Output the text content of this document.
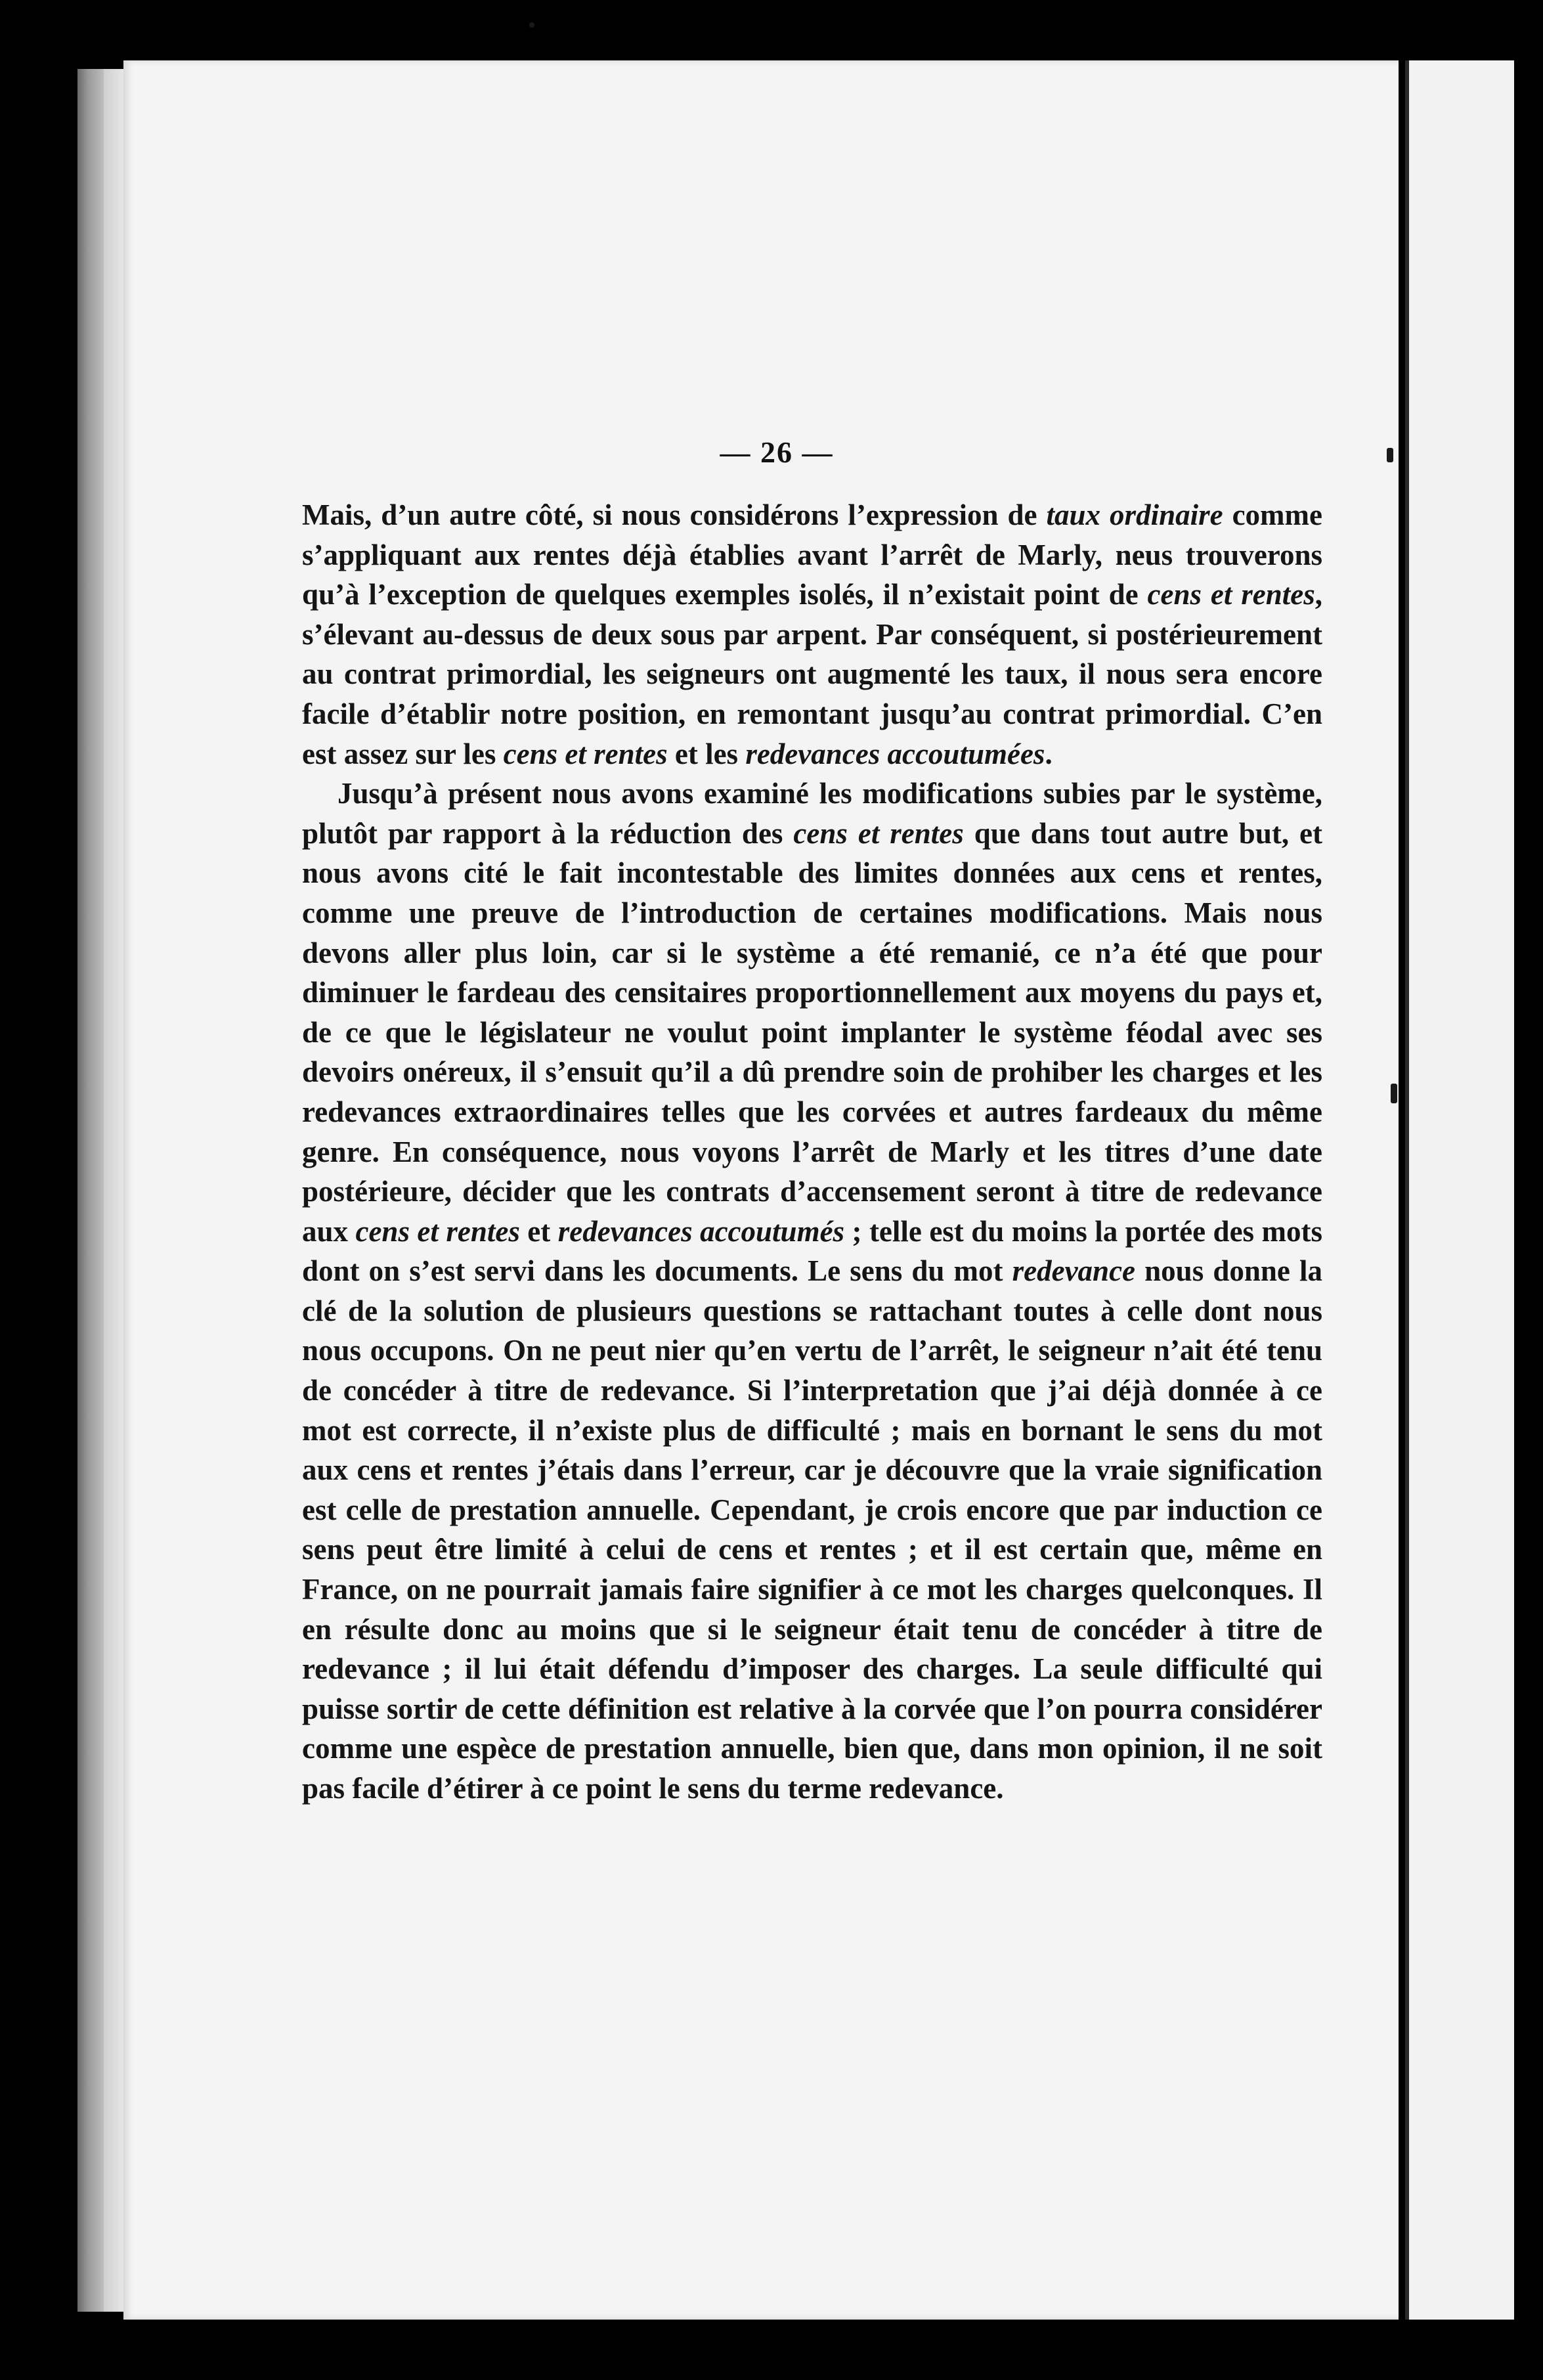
— 26 —

Mais, d’un autre côté, si nous considérons l’expression de taux ordinaire comme s’appliquant aux rentes déjà établies avant l’arrêt de Marly, neus trouverons qu’à l’exception de quelques exemples isolés, il n’existait point de cens et rentes, s’élevant au-dessus de deux sous par arpent. Par conséquent, si postérieurement au contrat primordial, les seigneurs ont augmenté les taux, il nous sera encore facile d’établir notre position, en remontant jusqu’au contrat primordial. C’en est assez sur les cens et rentes et les redevances accoutumées.

Jusqu’à présent nous avons examiné les modifications subies par le système, plutôt par rapport à la réduction des cens et rentes que dans tout autre but, et nous avons cité le fait incontestable des limites données aux cens et rentes, comme une preuve de l’introduction de certaines modifications. Mais nous devons aller plus loin, car si le système a été remanié, ce n’a été que pour diminuer le fardeau des censitaires proportionnellement aux moyens du pays et, de ce que le législateur ne voulut point implanter le système féodal avec ses devoirs onéreux, il s’ensuit qu’il a dû prendre soin de prohiber les charges et les redevances extraordinaires telles que les corvées et autres fardeaux du même genre. En conséquence, nous voyons l’arrêt de Marly et les titres d’une date postérieure, décider que les contrats d’accensement seront à titre de redevance aux cens et rentes et redevances accoutumés ; telle est du moins la portée des mots dont on s’est servi dans les documents. Le sens du mot redevance nous donne la clé de la solution de plusieurs questions se rattachant toutes à celle dont nous nous occupons. On ne peut nier qu’en vertu de l’arrêt, le seigneur n’ait été tenu de concéder à titre de redevance. Si l’interpretation que j’ai déjà donnée à ce mot est correcte, il n’existe plus de difficulté ; mais en bornant le sens du mot aux cens et rentes j’étais dans l’erreur, car je découvre que la vraie signification est celle de prestation annuelle. Cependant, je crois encore que par induction ce sens peut être limité à celui de cens et rentes ; et il est certain que, même en France, on ne pourrait jamais faire signifier à ce mot les charges quelconques. Il en résulte donc au moins que si le seigneur était tenu de concéder à titre de redevance ; il lui était défendu d’imposer des charges. La seule difficulté qui puisse sortir de cette définition est relative à la corvée que l’on pourra considérer comme une espèce de prestation annuelle, bien que, dans mon opinion, il ne soit pas facile d’étirer à ce point le sens du terme redevance.
